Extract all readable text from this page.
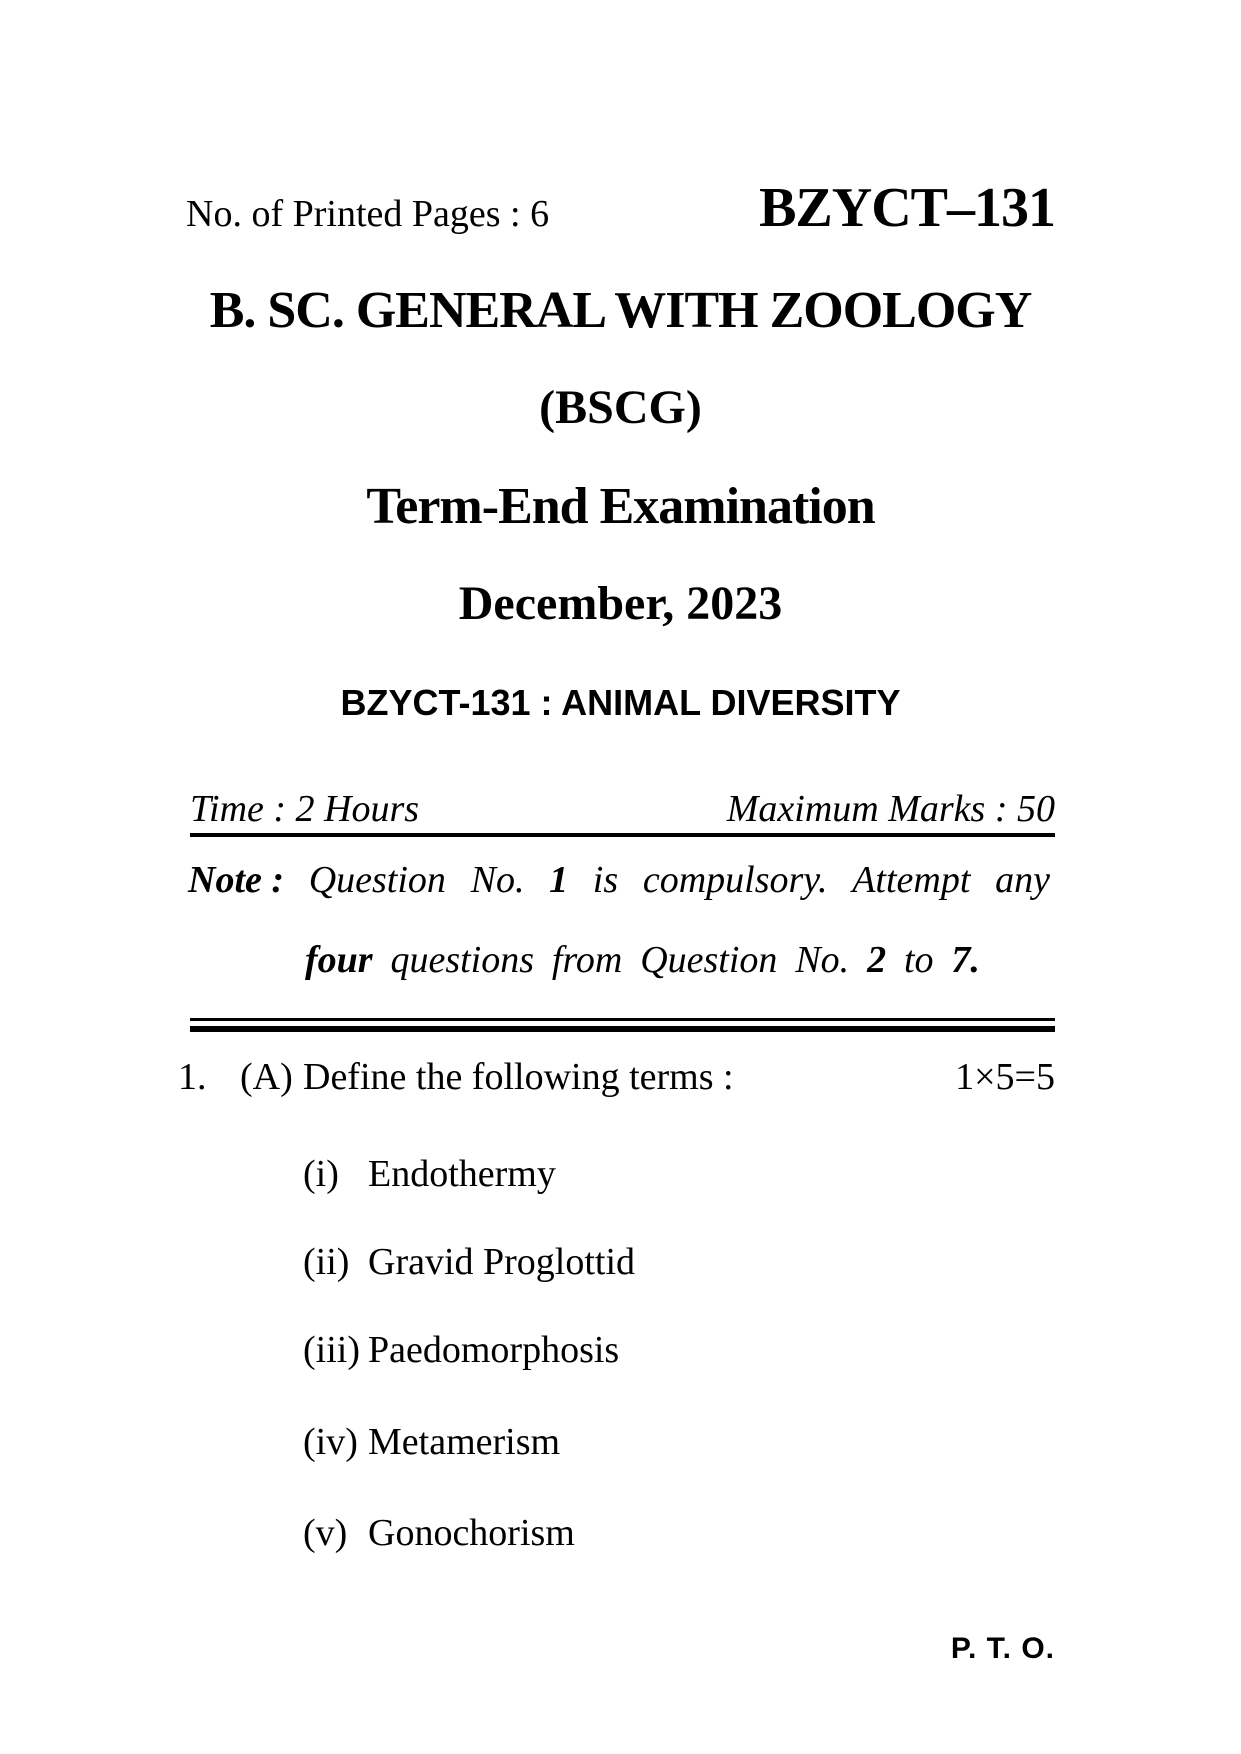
No. of Printed Pages : 6	BZYCT–131
B. SC. GENERAL WITH ZOOLOGY
(BSCG)
Term-End Examination
December, 2023
BZYCT-131 : ANIMAL DIVERSITY
Time : 2 Hours	Maximum Marks : 50
Note : Question No. 1 is compulsory. Attempt any
four questions from Question No. 2 to 7.
1. (A) Define the following terms :	1×5=5
(i) Endothermy
(ii) Gravid Proglottid
(iii) Paedomorphosis
(iv) Metamerism
(v) Gonochorism
P. T. O.
